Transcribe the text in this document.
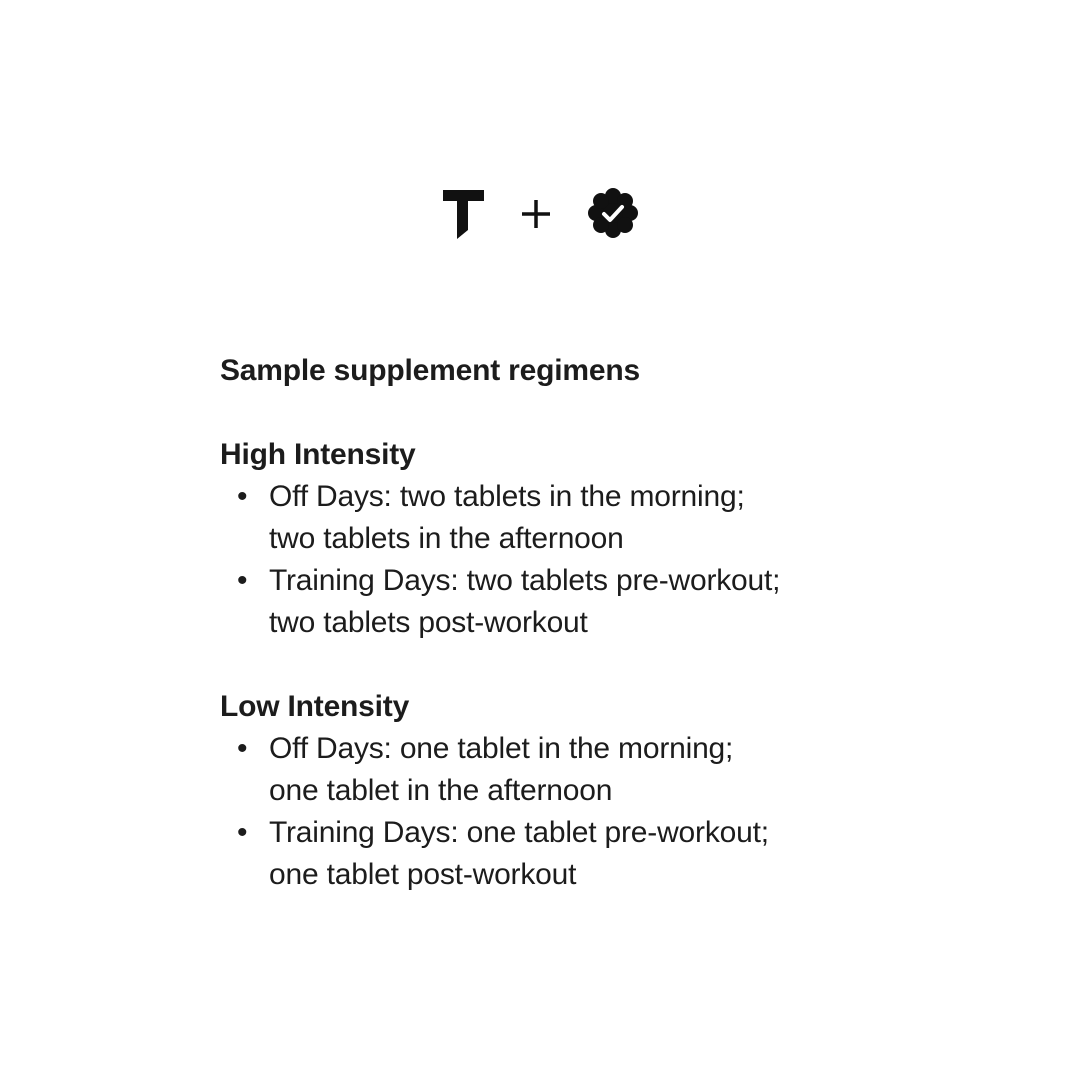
Sample supplement regimens
High Intensity
• Off Days: two tablets in the morning;
two tablets in the afternoon
• Training Days: two tablets pre-workout;
two tablets post-workout
Low Intensity
• Off Days: one tablet in the morning;
one tablet in the afternoon
• Training Days: one tablet pre-workout;
one tablet post-workout
